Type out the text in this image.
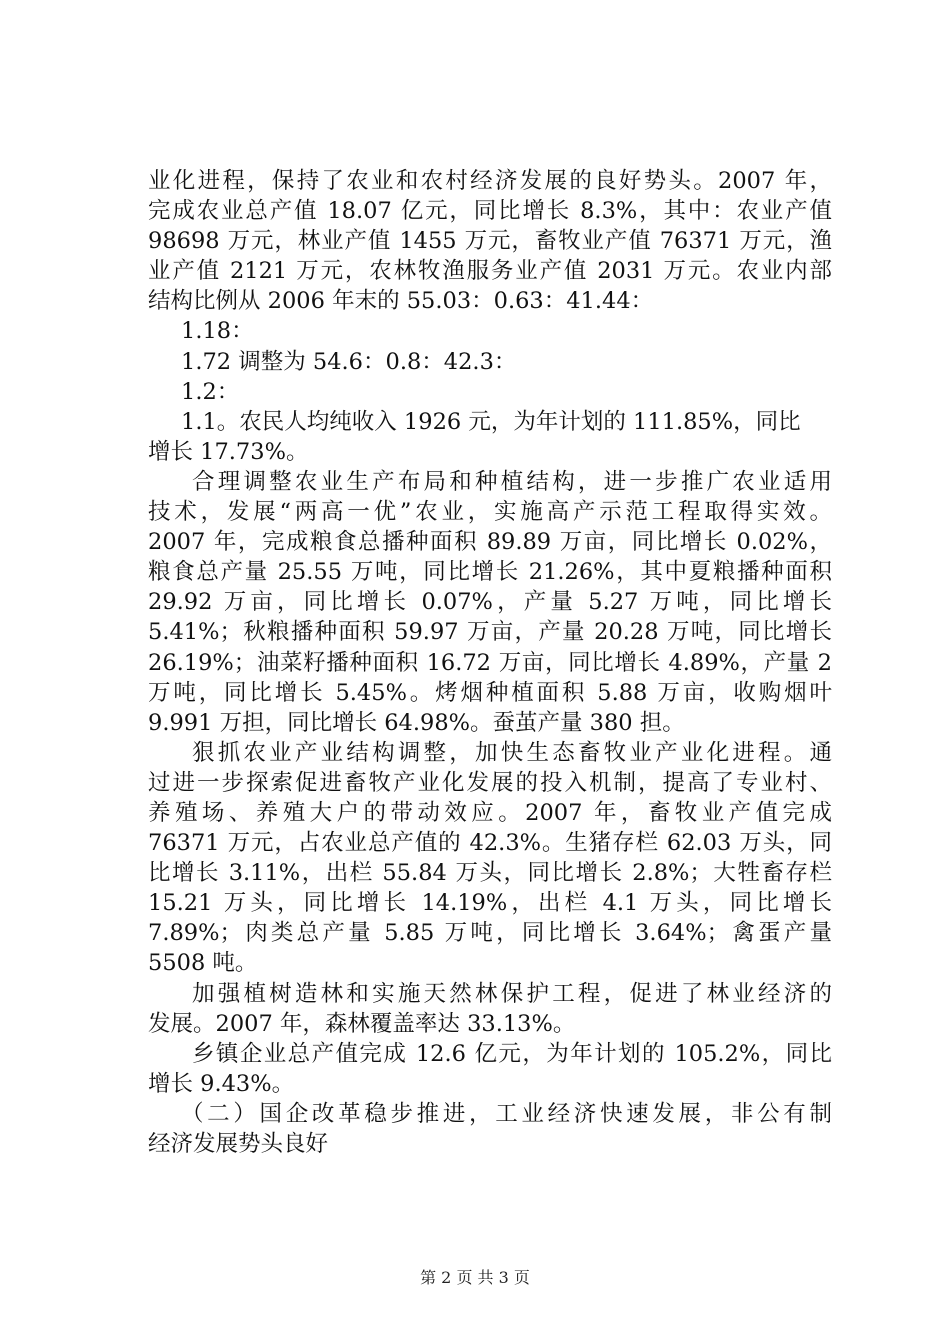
业化进程，保持了农业和农村经济发展的良好势头。2007 年，
完成农业总产值 18.07 亿元，同比增长 8.3%，其中：农业产值
98698 万元，林业产值 1455 万元，畜牧业产值 76371 万元，渔
业产值 2121 万元，农林牧渔服务业产值 2031 万元。农业内部
结构比例从 2006 年末的 55.03：0.63：41.44：
1.18：
1.72 调整为 54.6：0.8：42.3：
1.2：
1.1。农民人均纯收入 1926 元，为年计划的 111.85%，同比
增长 17.73%。
合理调整农业生产布局和种植结构，进一步推广农业适用
技术，发展“两高一优”农业，实施高产示范工程取得实效。
2007 年，完成粮食总播种面积 89.89 万亩，同比增长 0.02%，
粮食总产量 25.55 万吨，同比增长 21.26%，其中夏粮播种面积
29.92 万亩，同比增长 0.07%，产量 5.27 万吨，同比增长
5.41%；秋粮播种面积 59.97 万亩，产量 20.28 万吨，同比增长
26.19%；油菜籽播种面积 16.72 万亩，同比增长 4.89%，产量 2
万吨，同比增长 5.45%。烤烟种植面积 5.88 万亩，收购烟叶
9.991 万担，同比增长 64.98%。蚕茧产量 380 担。
狠抓农业产业结构调整，加快生态畜牧业产业化进程。通
过进一步探索促进畜牧产业化发展的投入机制，提高了专业村、
养殖场、养殖大户的带动效应。2007 年，畜牧业产值完成
76371 万元，占农业总产值的 42.3%。生猪存栏 62.03 万头，同
比增长 3.11%，出栏 55.84 万头，同比增长 2.8%；大牲畜存栏
15.21 万头，同比增长 14.19%，出栏 4.1 万头，同比增长
7.89%；肉类总产量 5.85 万吨，同比增长 3.64%；禽蛋产量
5508 吨。
加强植树造林和实施天然林保护工程，促进了林业经济的
发展。2007 年，森林覆盖率达 33.13%。
乡镇企业总产值完成 12.6 亿元，为年计划的 105.2%，同比
增长 9.43%。
（二）国企改革稳步推进，工业经济快速发展，非公有制
经济发展势头良好
第 2 页 共 3 页
